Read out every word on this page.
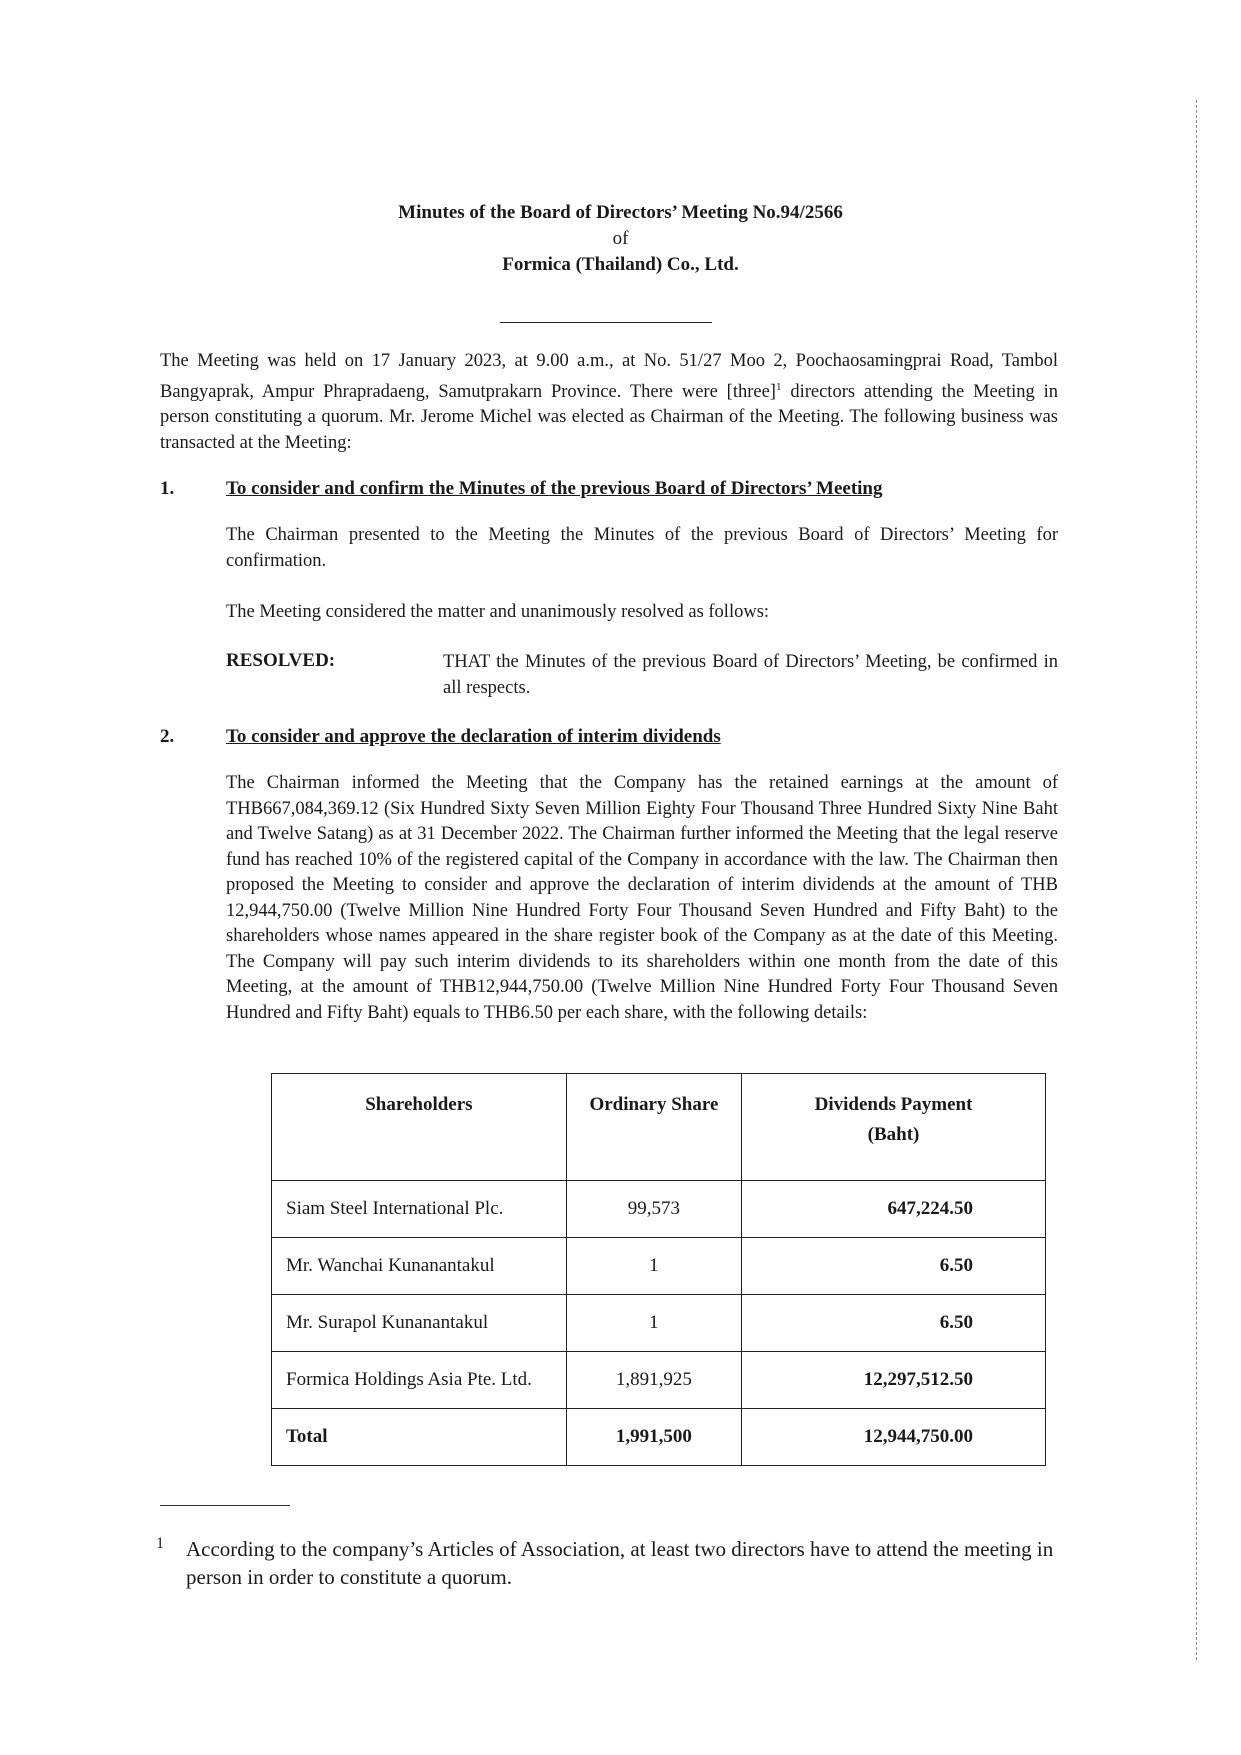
Minutes of the Board of Directors’ Meeting No.94/2566
of
Formica (Thailand) Co., Ltd.
The Meeting was held on 17 January 2023, at 9.00 a.m., at No. 51/27 Moo 2, Poochaosamingprai Road, Tambol Bangyaprak, Ampur Phrapradaeng, Samutprakarn Province. There were [three]$^1$ directors attending the Meeting in person constituting a quorum. Mr. Jerome Michel was elected as Chairman of the Meeting. The following business was transacted at the Meeting:
1.	To consider and confirm the Minutes of the previous Board of Directors’ Meeting
The Chairman presented to the Meeting the Minutes of the previous Board of Directors’ Meeting for confirmation.
The Meeting considered the matter and unanimously resolved as follows:
RESOLVED:	THAT the Minutes of the previous Board of Directors’ Meeting, be confirmed in all respects.
2.	To consider and approve the declaration of interim dividends
The Chairman informed the Meeting that the Company has the retained earnings at the amount of THB667,084,369.12 (Six Hundred Sixty Seven Million Eighty Four Thousand Three Hundred Sixty Nine Baht and Twelve Satang) as at 31 December 2022. The Chairman further informed the Meeting that the legal reserve fund has reached 10% of the registered capital of the Company in accordance with the law. The Chairman then proposed the Meeting to consider and approve the declaration of interim dividends at the amount of THB 12,944,750.00 (Twelve Million Nine Hundred Forty Four Thousand Seven Hundred and Fifty Baht) to the shareholders whose names appeared in the share register book of the Company as at the date of this Meeting. The Company will pay such interim dividends to its shareholders within one month from the date of this Meeting, at the amount of THB12,944,750.00 (Twelve Million Nine Hundred Forty Four Thousand Seven Hundred and Fifty Baht) equals to THB6.50 per each share, with the following details:
Shareholders	Ordinary Share	Dividends Payment
(Baht)
Siam Steel International Plc.	99,573	647,224.50
Mr. Wanchai Kunanantakul	1	6.50
Mr. Surapol Kunanantakul	1	6.50
Formica Holdings Asia Pte. Ltd.	1,891,925	12,297,512.50
Total	1,991,500	12,944,750.00
1 According to the company’s Articles of Association, at least two directors have to attend the meeting in person in order to constitute a quorum.
